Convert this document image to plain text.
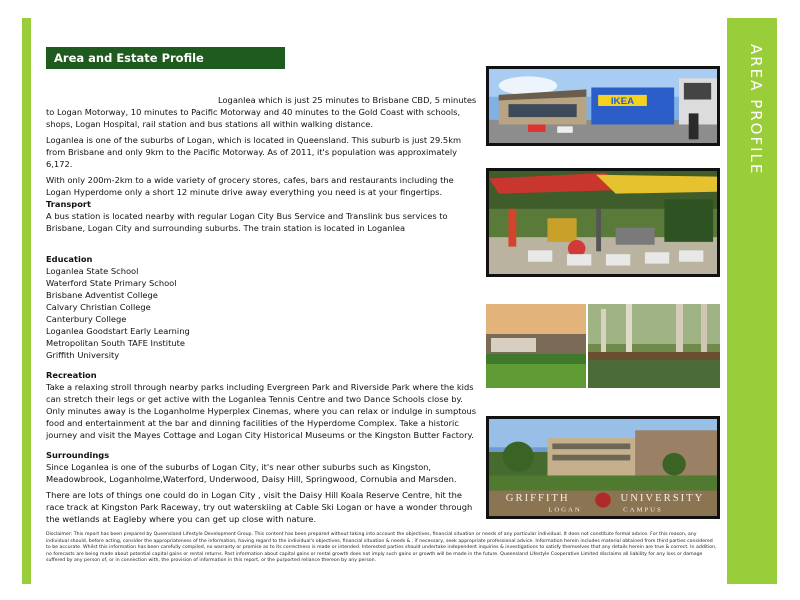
AREA PROFILE
Area and Estate Profile

Loganlea which is just 25 minutes to Brisbane CBD, 5 minutes to Logan Motorway, 10 minutes to Pacific Motorway and 40 minutes to the Gold Coast with schools, shops, Logan Hospital, rail station and bus stations all within walking distance.

Loganlea is one of the suburbs of Logan, which is located in Queensland. This suburb is just 29.5km from Brisbane and only 9km to the Pacific Motorway. As of 2011, it's population was approximately 6,172.

With only 200m-2km to a wide variety of grocery stores, cafes, bars and restaurants including the Logan Hyperdome only a short 12 minute drive away everything you need is at your fingertips.

Transport

A bus station is located nearby with regular Logan City Bus Service and Translink bus services to Brisbane, Logan City and surrounding suburbs. The train station is located in Loganlea

Education

Loganlea State School

Waterford State Primary School

Brisbane Adventist College

Calvary Christian College

Canterbury College

Loganlea Goodstart Early Learning

Metropolitan South TAFE Institute

Griffith University

Recreation

Take a relaxing stroll through nearby parks including Evergreen Park and Riverside Park where the kids can stretch their legs or get active with the Loganlea Tennis Centre and two Dance Schools close by. Only minutes away is the Loganholme Hyperplex Cinemas, where you can relax or indulge in sumptous food and entertainment at the bar and dinning facilities of the Hyperdome Complex. Take a historic journey and visit the Mayes Cottage and Logan City Historical Museums or the Kingston Butter Factory.

Surroundings

Since Loganlea is one of the suburbs of Logan City, it's near other suburbs such as Kingston, Meadowbrook, Loganholme,Waterford, Underwood, Daisy Hill, Springwood, Cornubia and Marsden.

There are lots of things one could do in Logan City , visit the Daisy Hill Koala Reserve Centre, hit the race track at Kingston Park Raceway, try out waterskiing at Cable Ski Logan or have a wonder through the wetlands at Eagleby where you can get up close with nature.

IKEA
GRIFFITH	UNIVERSITY
LOGAN	CAMPUS
Disclaimer: This report has been prepared by Queensland Lifestyle Development Group. This content has been prepared without taking into account the objectives, financial situation or needs of any particular individual. It does not constitute formal advice. For this reason, any individual should, before acting, consider the appropriateness of the information, having regard to the individual's objectives, financial situation & needs & , if necessary, seek appropriate professional advice. Information herein includes material obtained from third parties considered to be accurate. Whilst this information has been carefully compiled, no warranty or promise as to its correctness is made or intended. Interested parties should undertake independent inquiries & investigations to satisfy themselves that any details herein are true & correct. In addition, no forecasts are being made about potential capital gains or rental returns. Past information about capital gains or rental growth does not imply such gains or growth will be made in the future. Queensland Lifestyle Cooperative Limited disclaims all liability for any loss or damage suffered by any person of, or in connection with, the provision of information in this report, or the purported reliance thereon by any person.
